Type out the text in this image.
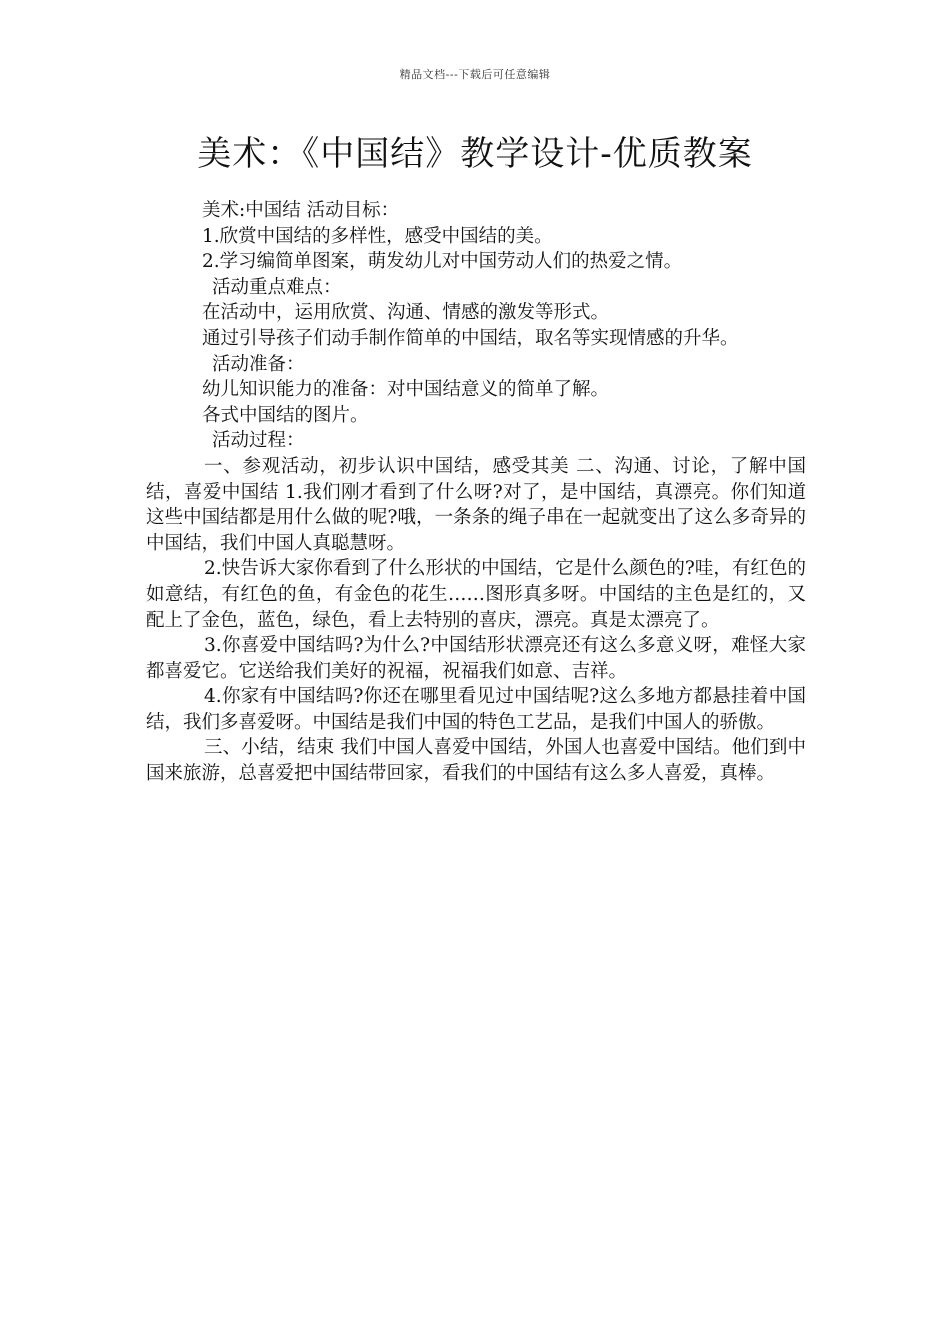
精品文档---下载后可任意编辑
美术：《中国结》教学设计-优质教案

美术:中国结 活动目标：

1.欣赏中国结的多样性，感受中国结的美。

2.学习编简单图案，萌发幼儿对中国劳动人们的热爱之情。

活动重点难点：

在活动中，运用欣赏、沟通、情感的激发等形式。

通过引导孩子们动手制作简单的中国结，取名等实现情感的升华。

活动准备：

幼儿知识能力的准备：对中国结意义的简单了解。

各式中国结的图片。

活动过程：

一、参观活动，初步认识中国结，感受其美 二、沟通、讨论，了解中国结，喜爱中国结 1.我们刚才看到了什么呀?对了，是中国结，真漂亮。你们知道这些中国结都是用什么做的呢?哦，一条条的绳子串在一起就变出了这么多奇异的中国结，我们中国人真聪慧呀。

2.快告诉大家你看到了什么形状的中国结，它是什么颜色的?哇，有红色的如意结，有红色的鱼，有金色的花生……图形真多呀。中国结的主色是红的，又配上了金色，蓝色，绿色，看上去特别的喜庆，漂亮。真是太漂亮了。

3.你喜爱中国结吗?为什么?中国结形状漂亮还有这么多意义呀，难怪大家都喜爱它。它送给我们美好的祝福，祝福我们如意、吉祥。

4.你家有中国结吗?你还在哪里看见过中国结呢?这么多地方都悬挂着中国结，我们多喜爱呀。中国结是我们中国的特色工艺品，是我们中国人的骄傲。

三、小结，结束 我们中国人喜爱中国结，外国人也喜爱中国结。他们到中国来旅游，总喜爱把中国结带回家，看我们的中国结有这么多人喜爱，真棒。
